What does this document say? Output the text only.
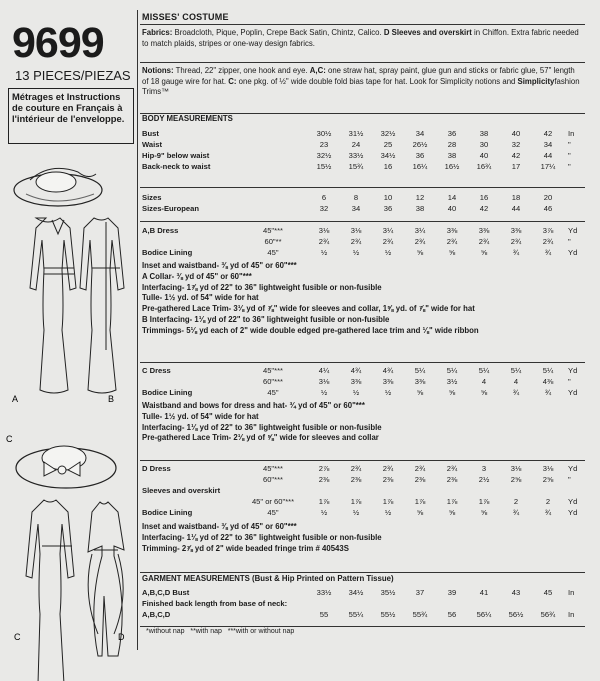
9699
13 PIECES/PIEZAS
Métrages et Instructions de couture en Français à l'intérieur de l'enveloppe.
A	B
C
C	D
MISSES' COSTUME
Fabrics: Broadcloth, Pique, Poplin, Crepe Back Satin, Chintz, Calico. D Sleeves and overskirt in Chiffon. Extra fabric needed to match plaids, stripes or one-way design fabrics.
Notions: Thread, 22" zipper, one hook and eye. A,C: one straw hat, spray paint, glue gun and sticks or fabric glue, 57" length of 18 gauge wire for hat. C: one pkg. of ½" wide double fold bias tape for hat. Look for Simplicity notions and Simplicityfashion Trims™
BODY MEASUREMENTS
Bust	30½	31½	32½	34	36	38	40	42	In
Waist	23	24	25	26½	28	30	32	34	"
Hip-9" below waist	32½	33½	34½	36	38	40	42	44	"
Back-neck to waist	15½	15¾	16	16¼	16½	16¾	17	17¼	"
Sizes	6	8	10	12	14	16	18	20	
Sizes-European	32	34	36	38	40	42	44	46	
A,B Dress	45"***	3⅛	3⅛	3¼	3¼	3⅜	3⅜	3⅜	3⅞	Yd
	60"**	2¾	2¾	2¾	2¾	2¾	2¾	2¾	2¾	"
Bodice Lining	45"	½	½	½	⅝	⅝	⅝	¾	¾	Yd
Inset and waistband- ⅜ yd of 45" or 60"***
A Collar- ⅜ yd of 45" or 60"***
Interfacing- 1⅞ yd of 22" to 36" lightweight fusible or non-fusible
Tulle- 1½ yd. of 54" wide for hat
Pre-gathered Lace Trim- 3⅛ yd of ⅞" wide for sleeves and collar, 1⅝ yd. of ⅞" wide for hat
B Interfacing- 1⅛ yd of 22" to 36" lightweight fusible or non-fusible
Trimmings- 5⅛ yd each of 2" wide double edged pre-gathered lace trim and ⅛" wide ribbon
C Dress	45"***	4¼	4¾	4¾	5¼	5¼	5¼	5¼	5¼	Yd
	60"***	3⅛	3⅜	3⅜	3⅜	3½	4	4	4⅜	"
Bodice Lining	45"	½	½	½	⅝	⅝	⅝	¾	¾	Yd
Waistband and bows for dress and hat- ¾ yd of 45" or 60"***
Tulle- 1½ yd. of 54" wide for hat
Interfacing- 1⅛ yd of 22" to 36" lightweight fusible or non-fusible
Pre-gathered Lace Trim- 2⅛ yd of ⅝" wide for sleeves and collar
D Dress	45"***	2⅞	2¾	2¾	2¾	2¾	3	3⅛	3⅛	Yd
	60"***	2⅜	2⅜	2⅜	2⅜	2⅜	2½	2⅝	2⅝	"
Sleeves and overskirt										
	45" or 60"***	1⅞	1⅞	1⅞	1⅞	1⅞	1⅞	2	2	Yd
Bodice Lining	45"	½	½	½	⅝	⅝	⅝	¾	¾	Yd
Inset and waistband- ⅜ yd of 45" or 60"***
Interfacing- 1⅛ yd of 22" to 36" lightweight fusible or non-fusible
Trimming- 2⅞ yd of 2" wide beaded fringe trim # 40543S
GARMENT MEASUREMENTS (Bust & Hip Printed on Pattern Tissue)
A,B,C,D Bust	33½	34½	35½	37	39	41	43	45	In
Finished back length from base of neck:									
A,B,C,D	55	55¼	55½	55¾	56	56¼	56½	56¾	In
*without nap   **with nap   ***with or without nap
